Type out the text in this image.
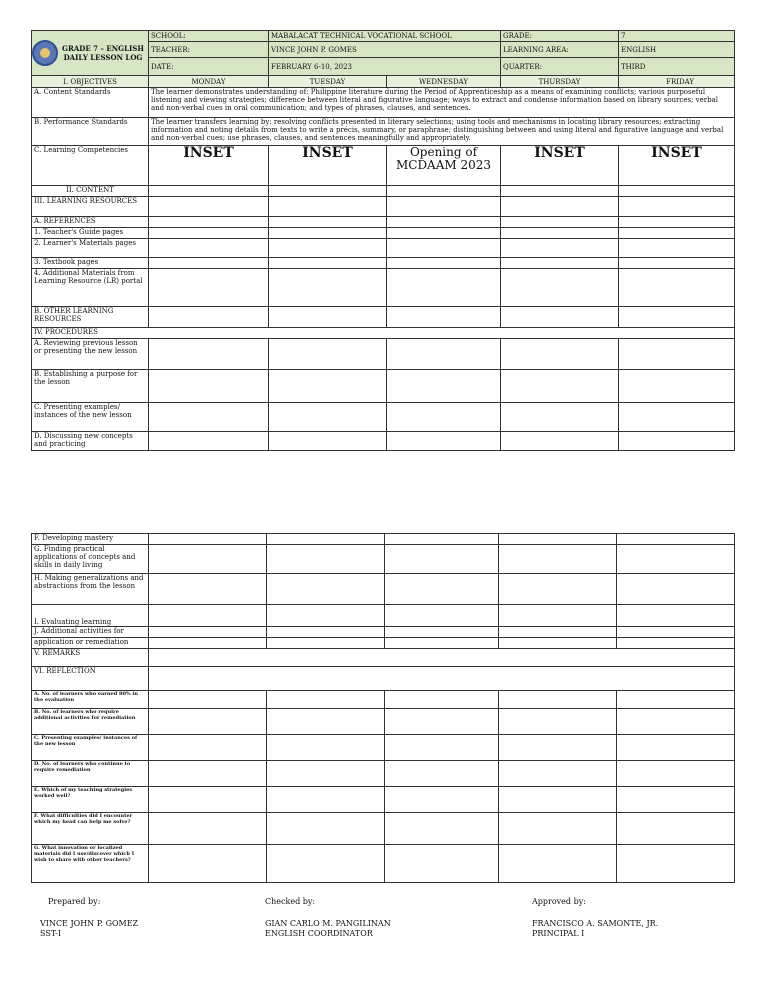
GRADE 7 – ENGLISH
DAILY LESSON LOG	SCHOOL:	MABALACAT TECHNICAL VOCATIONAL SCHOOL		GRADE:	7
	TEACHER:	VINCE JOHN P. GOMES		LEARNING AREA:	ENGLISH
	DATE:	FEBRUARY 6-10, 2023		QUARTER:	THIRD
I. OBJECTIVES	MONDAY	TUESDAY	WEDNESDAY	THURSDAY	FRIDAY
A. Content Standards	The learner demonstrates understanding of: Philippine literature during the Period of Apprenticeship as a means of examining conflicts; various purposeful listening and viewing strategies; difference between literal and figurative language; ways to extract and condense information based on library sources; verbal and non-verbal cues in oral communication; and types of phrases, clauses, and sentences.				
B. Performance Standards	The learner transfers learning by: resolving conflicts presented in literary selections; using tools and mechanisms in locating library resources; extracting information and noting details from texts to write a précis, summary, or paraphrase; distinguishing between and using literal and figurative language and verbal and non-verbal cues; use phrases, clauses, and sentences meaningfully and appropriately.				
C. Learning Competencies	INSET	INSET	Opening of MCDAAM 2023	INSET	INSET
II. CONTENT					
III. LEARNING RESOURCES					
A. REFERENCES					
1. Teacher's Guide pages					
2. Learner's Materials pages					
3. Textbook pages					
4. Additional Materials from Learning Resource (LR) portal					
B. OTHER LEARNING RESOURCES					
IV. PROCEDURES					
A. Reviewing previous lesson or presenting the new lesson					
B. Establishing a purpose for the lesson					
C. Presenting examples/ instances of the new lesson					
D. Discussing new concepts and practicing					
F. Developing mastery					
G. Finding practical applications of concepts and skills in daily living					
H. Making generalizations and abstractions from the lesson					
I. Evaluating learning					
J. Additional activities for					
application or remediation					
V. REMARKS					
VI. REFLECTION					
A. No. of learners who earned 80% in the evaluation					
B. No. of learners who require additional activities for remediation					
C. Presenting examples/ instances of the new lesson					
D. No. of learners who continue to require remediation					
E. Which of my teaching strategies worked well?					
F. What difficulties did I encounter which my head can help me solve?					
G. What innovation or localized materials did I use/discover which I wish to share with other teachers?					
Prepared by:
VINCE JOHN P. GOMEZ
SST-I
Checked by:
GIAN CARLO M. PANGILINAN
ENGLISH COORDINATOR
Approved by:
FRANCISCO A. SAMONTE, JR.
PRINCIPAL I
